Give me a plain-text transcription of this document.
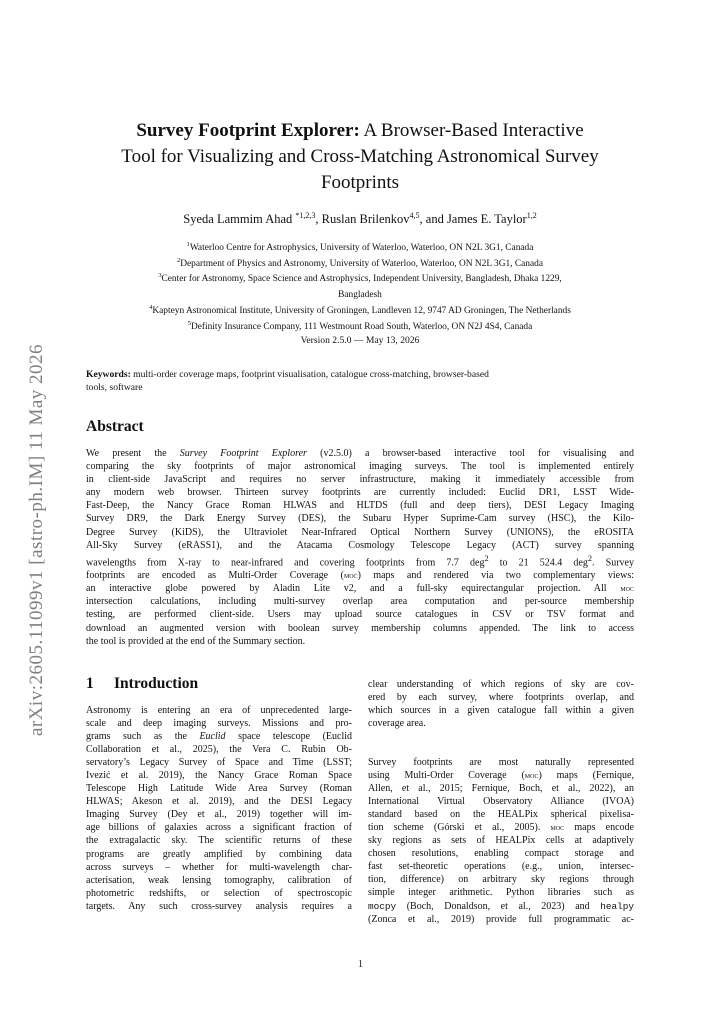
arXiv:2605.11099v1 [astro-ph.IM] 11 May 2026
Survey Footprint Explorer: A Browser-Based Interactive
Tool for Visualizing and Cross-Matching Astronomical Survey
Footprints
Syeda Lammim Ahad $^{*1,2,3}$, Ruslan Brilenkov$^{4,5}$, and James E. Taylor$^{1,2}$
$^1$Waterloo Centre for Astrophysics, University of Waterloo, Waterloo, ON N2L 3G1, Canada
$^2$Department of Physics and Astronomy, University of Waterloo, Waterloo, ON N2L 3G1, Canada
$^3$Center for Astronomy, Space Science and Astrophysics, Independent University, Bangladesh, Dhaka 1229,
Bangladesh
$^4$Kapteyn Astronomical Institute, University of Groningen, Landleven 12, 9747 AD Groningen, The Netherlands
$^5$Definity Insurance Company, 111 Westmount Road South, Waterloo, ON N2J 4S4, Canada
Version 2.5.0 — May 13, 2026
Keywords: multi-order coverage maps, footprint visualisation, catalogue cross-matching, browser-based
tools, software
Abstract
We present the Survey Footprint Explorer (v2.5.0) a browser-based interactive tool for visualising and
comparing the sky footprints of major astronomical imaging surveys. The tool is implemented entirely
in client-side JavaScript and requires no server infrastructure, making it immediately accessible from
any modern web browser. Thirteen survey footprints are currently included: Euclid DR1, LSST Wide-
Fast-Deep, the Nancy Grace Roman HLWAS and HLTDS (full and deep tiers), DESI Legacy Imaging
Survey DR9, the Dark Energy Survey (DES), the Subaru Hyper Suprime-Cam survey (HSC), the Kilo-
Degree Survey (KiDS), the Ultraviolet Near-Infrared Optical Northern Survey (UNIONS), the eROSITA
All-Sky Survey (eRASS1), and the Atacama Cosmology Telescope Legacy (ACT) survey spanning
wavelengths from X-ray to near-infrared and covering footprints from 7.7 deg$^2$ to 21 524.4 deg$^2$. Survey
footprints are encoded as Multi-Order Coverage (moc) maps and rendered via two complementary views:
an interactive globe powered by Aladin Lite v2, and a full-sky equirectangular projection. All moc
intersection calculations, including multi-survey overlap area computation and per-source membership
testing, are performed client-side. Users may upload source catalogues in CSV or TSV format and
download an augmented version with boolean survey membership columns appended. The link to access
the tool is provided at the end of the Summary section.
1 Introduction
Astronomy is entering an era of unprecedented large-
scale and deep imaging surveys. Missions and pro-
grams such as the Euclid space telescope (Euclid
Collaboration et al., 2025), the Vera C. Rubin Ob-
servatory’s Legacy Survey of Space and Time (LSST;
Ivezić et al. 2019), the Nancy Grace Roman Space
Telescope High Latitude Wide Area Survey (Roman
HLWAS; Akeson et al. 2019), and the DESI Legacy
Imaging Survey (Dey et al., 2019) together will im-
age billions of galaxies across a significant fraction of
the extragalactic sky. The scientific returns of these
programs are greatly amplified by combining data
across surveys – whether for multi-wavelength char-
acterisation, weak lensing tomography, calibration of
photometric redshifts, or selection of spectroscopic
targets. Any such cross-survey analysis requires a
clear understanding of which regions of sky are cov-
ered by each survey, where footprints overlap, and
which sources in a given catalogue fall within a given
coverage area.
Survey footprints are most naturally represented
using Multi-Order Coverage (moc) maps (Fernique,
Allen, et al., 2015; Fernique, Boch, et al., 2022), an
International Virtual Observatory Alliance (IVOA)
standard based on the HEALPix spherical pixelisa-
tion scheme (Górski et al., 2005). moc maps encode
sky regions as sets of HEALPix cells at adaptively
chosen resolutions, enabling compact storage and
fast set-theoretic operations (e.g., union, intersec-
tion, difference) on arbitrary sky regions through
simple integer arithmetic. Python libraries such as
mocpy (Boch, Donaldson, et al., 2023) and healpy
(Zonca et al., 2019) provide full programmatic ac-
1
